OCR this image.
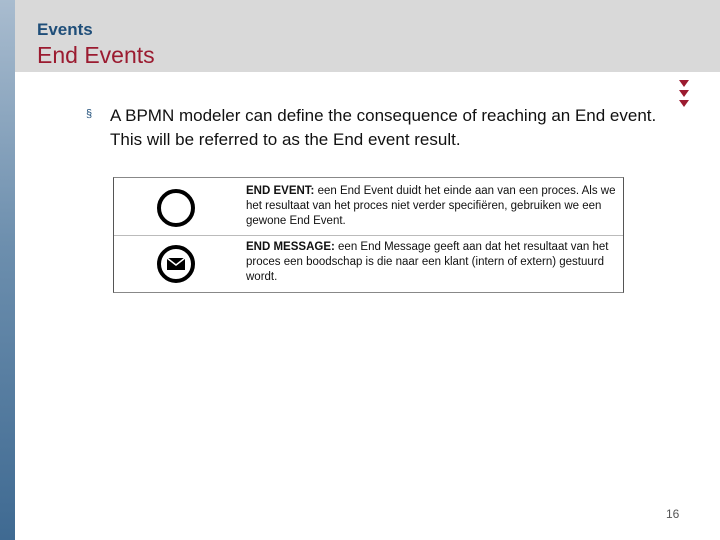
Events
End Events
§ A BPMN modeler can define the consequence of reaching an End event. This will be referred to as the End event result.
END EVENT: een End Event duidt het einde aan van een proces. Als we het resultaat van het proces niet verder specifiëren, gebruiken we een gewone End Event.
END MESSAGE: een End Message geeft aan dat het resultaat van het proces een boodschap is die naar een klant (intern of extern) gestuurd wordt.
16
